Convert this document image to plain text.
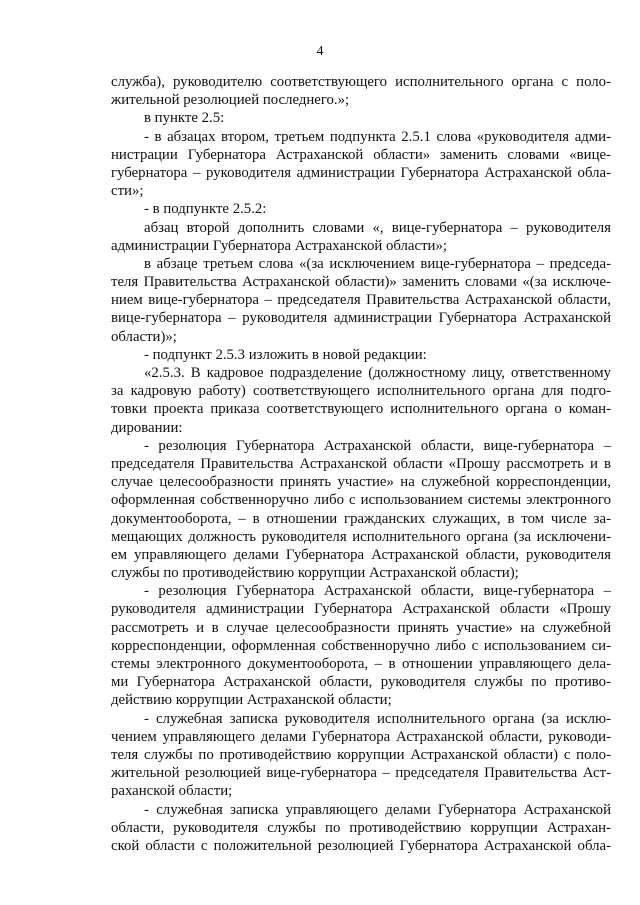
4
служба), руководителю соответствующего исполнительного органа с поло-
жительной резолюцией последнего.»;
в пункте 2.5:
- в абзацах втором, третьем подпункта 2.5.1 слова «руководителя адми-
нистрации Губернатора Астраханской области» заменить словами «вице-
губернатора – руководителя администрации Губернатора Астраханской обла-
сти»;
- в подпункте 2.5.2:
абзац второй дополнить словами «, вице-губернатора – руководителя
администрации Губернатора Астраханской области»;
в абзаце третьем слова «(за исключением вице-губернатора – председа-
теля Правительства Астраханской области)» заменить словами «(за исключе-
нием вице-губернатора – председателя Правительства Астраханской области,
вице-губернатора – руководителя администрации Губернатора Астраханской
области)»;
- подпункт 2.5.3 изложить в новой редакции:
«2.5.3. В кадровое подразделение (должностному лицу, ответственному
за кадровую работу) соответствующего исполнительного органа для подго-
товки проекта приказа соответствующего исполнительного органа о коман-
дировании:
- резолюция Губернатора Астраханской области, вице-губернатора –
председателя Правительства Астраханской области «Прошу рассмотреть и в
случае целесообразности принять участие» на служебной корреспонденции,
оформленная собственноручно либо с использованием системы электронного
документооборота, – в отношении гражданских служащих, в том числе за-
мещающих должность руководителя исполнительного органа (за исключени-
ем управляющего делами Губернатора Астраханской области, руководителя
службы по противодействию коррупции Астраханской области);
- резолюция Губернатора Астраханской области, вице-губернатора –
руководителя администрации Губернатора Астраханской области «Прошу
рассмотреть и в случае целесообразности принять участие» на служебной
корреспонденции, оформленная собственноручно либо с использованием си-
стемы электронного документооборота, – в отношении управляющего дела-
ми Губернатора Астраханской области, руководителя службы по противо-
действию коррупции Астраханской области;
- служебная записка руководителя исполнительного органа (за исклю-
чением управляющего делами Губернатора Астраханской области, руководи-
теля службы по противодействию коррупции Астраханской области) с поло-
жительной резолюцией вице-губернатора – председателя Правительства Аст-
раханской области;
- служебная записка управляющего делами Губернатора Астраханской
области, руководителя службы по противодействию коррупции Астрахан-
ской области с положительной резолюцией Губернатора Астраханской обла-
